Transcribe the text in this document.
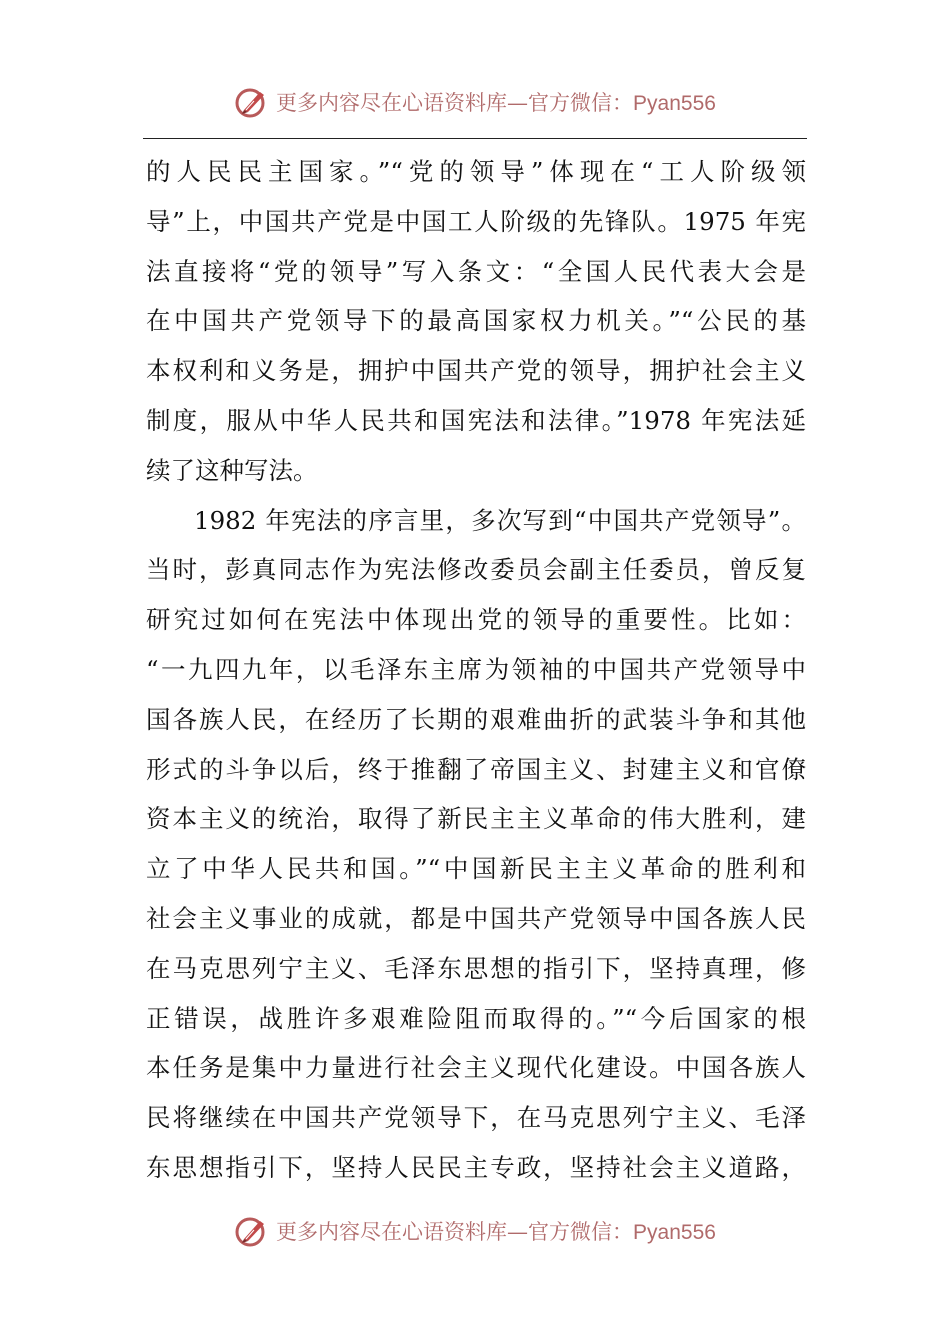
更多内容尽在心语资料库—官方微信：Pyan556
的人民民主国家。”“党的领导”体现在“工人阶级领
导”上，中国共产党是中国工人阶级的先锋队。1975 年宪
法直接将“党的领导”写入条文：“全国人民代表大会是
在中国共产党领导下的最高国家权力机关。”“公民的基
本权利和义务是，拥护中国共产党的领导，拥护社会主义
制度，服从中华人民共和国宪法和法律。”1978 年宪法延
续了这种写法。
1982 年宪法的序言里，多次写到“中国共产党领导”。
当时，彭真同志作为宪法修改委员会副主任委员，曾反复
研究过如何在宪法中体现出党的领导的重要性。比如：
“一九四九年，以毛泽东主席为领袖的中国共产党领导中
国各族人民，在经历了长期的艰难曲折的武装斗争和其他
形式的斗争以后，终于推翻了帝国主义、封建主义和官僚
资本主义的统治，取得了新民主主义革命的伟大胜利，建
立了中华人民共和国。”“中国新民主主义革命的胜利和
社会主义事业的成就，都是中国共产党领导中国各族人民
在马克思列宁主义、毛泽东思想的指引下，坚持真理，修
正错误，战胜许多艰难险阻而取得的。”“今后国家的根
本任务是集中力量进行社会主义现代化建设。中国各族人
民将继续在中国共产党领导下，在马克思列宁主义、毛泽
东思想指引下，坚持人民民主专政，坚持社会主义道路，
更多内容尽在心语资料库—官方微信：Pyan556
